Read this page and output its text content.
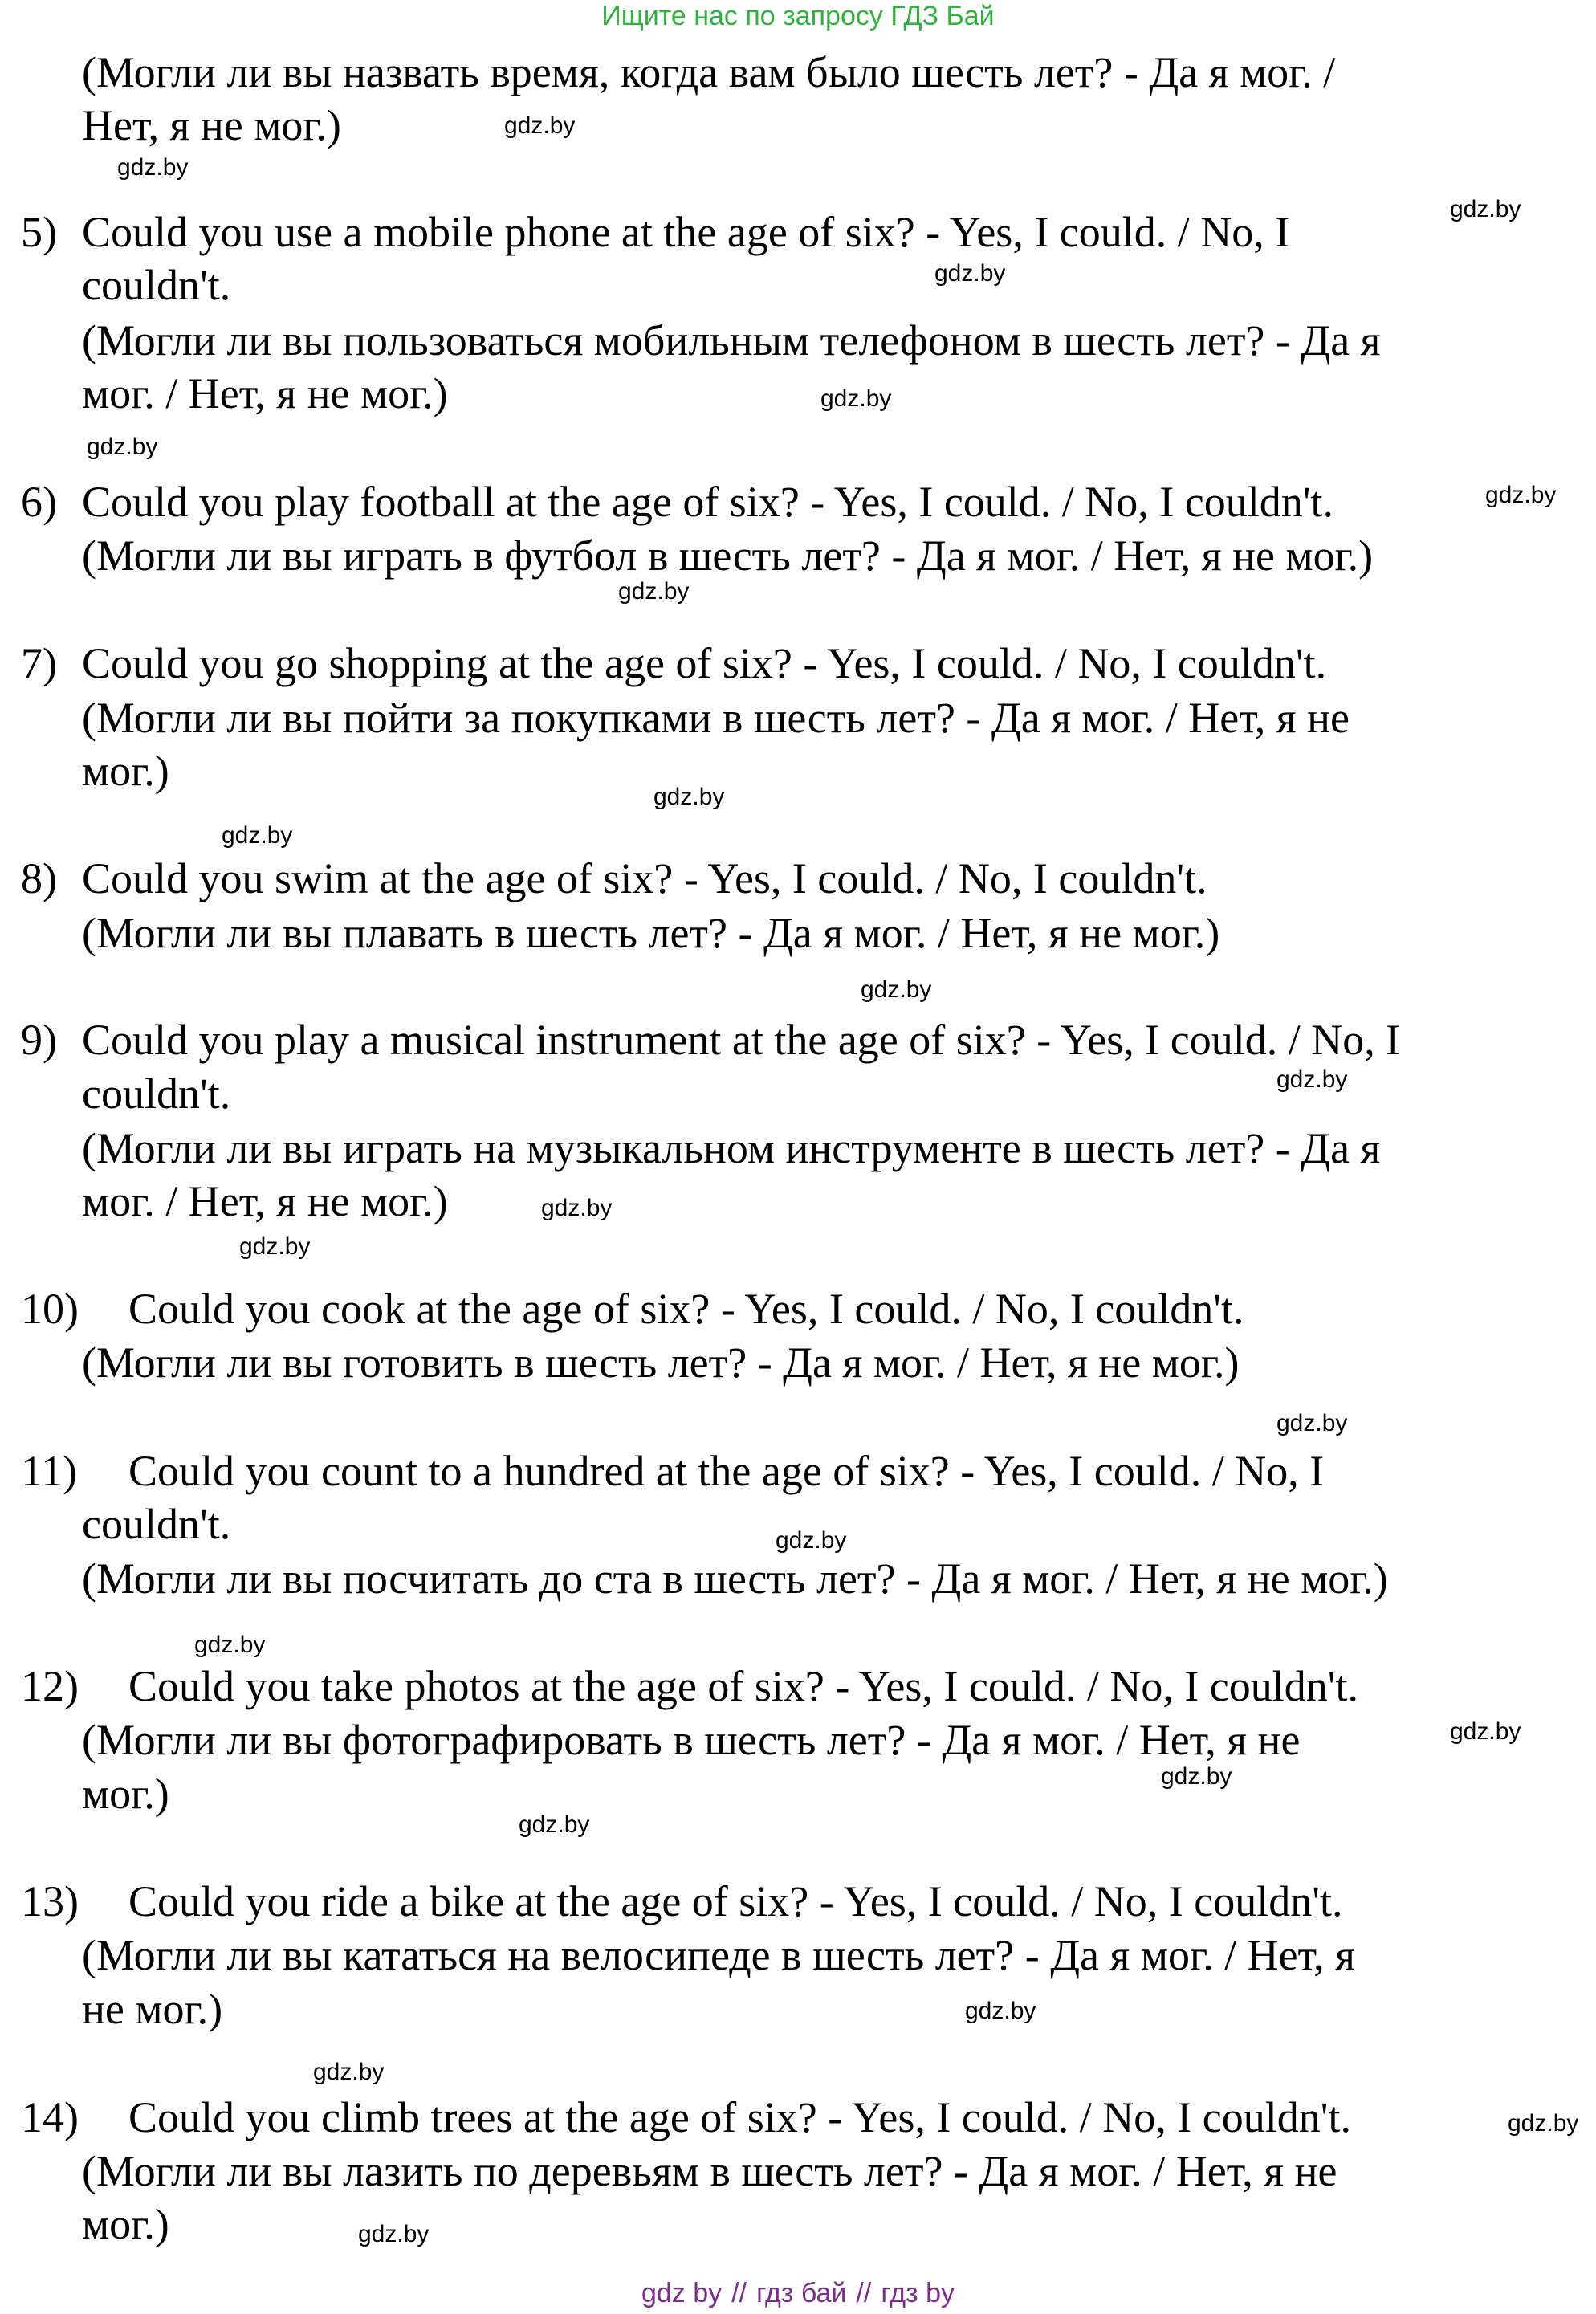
Ищите нас по запросу ГДЗ Бай
(Могли ли вы назвать время, когда вам было шесть лет? - Да я мог. /
Нет, я не мог.)
5) Could you use a mobile phone at the age of six? - Yes, I could. / No, I
couldn't.
(Могли ли вы пользоваться мобильным телефоном в шесть лет? - Да я
мог. / Нет, я не мог.)
6) Could you play football at the age of six? - Yes, I could. / No, I couldn't.
(Могли ли вы играть в футбол в шесть лет? - Да я мог. / Нет, я не мог.)
7) Could you go shopping at the age of six? - Yes, I could. / No, I couldn't.
(Могли ли вы пойти за покупками в шесть лет? - Да я мог. / Нет, я не
мог.)
8) Could you swim at the age of six? - Yes, I could. / No, I couldn't.
(Могли ли вы плавать в шесть лет? - Да я мог. / Нет, я не мог.)
9) Could you play a musical instrument at the age of six? - Yes, I could. / No, I
couldn't.
(Могли ли вы играть на музыкальном инструменте в шесть лет? - Да я
мог. / Нет, я не мог.)
10) Could you cook at the age of six? - Yes, I could. / No, I couldn't.
(Могли ли вы готовить в шесть лет? - Да я мог. / Нет, я не мог.)
11) Could you count to a hundred at the age of six? - Yes, I could. / No, I
couldn't.
(Могли ли вы посчитать до ста в шесть лет? - Да я мог. / Нет, я не мог.)
12) Could you take photos at the age of six? - Yes, I could. / No, I couldn't.
(Могли ли вы фотографировать в шесть лет? - Да я мог. / Нет, я не
мог.)
13) Could you ride a bike at the age of six? - Yes, I could. / No, I couldn't.
(Могли ли вы кататься на велосипеде в шесть лет? - Да я мог. / Нет, я
не мог.)
14) Could you climb trees at the age of six? - Yes, I could. / No, I couldn't.
(Могли ли вы лазить по деревьям в шесть лет? - Да я мог. / Нет, я не
мог.)
gdz.by
gdz.by
gdz.by
gdz.by
gdz.by
gdz.by
gdz.by
gdz.by
gdz.by
gdz.by
gdz.by
gdz.by
gdz.by
gdz.by
gdz.by
gdz.by
gdz.by
gdz.by
gdz.by
gdz.by
gdz.by
gdz.by
gdz.by
gdz.by
gdz by // гдз бай // гдз by
